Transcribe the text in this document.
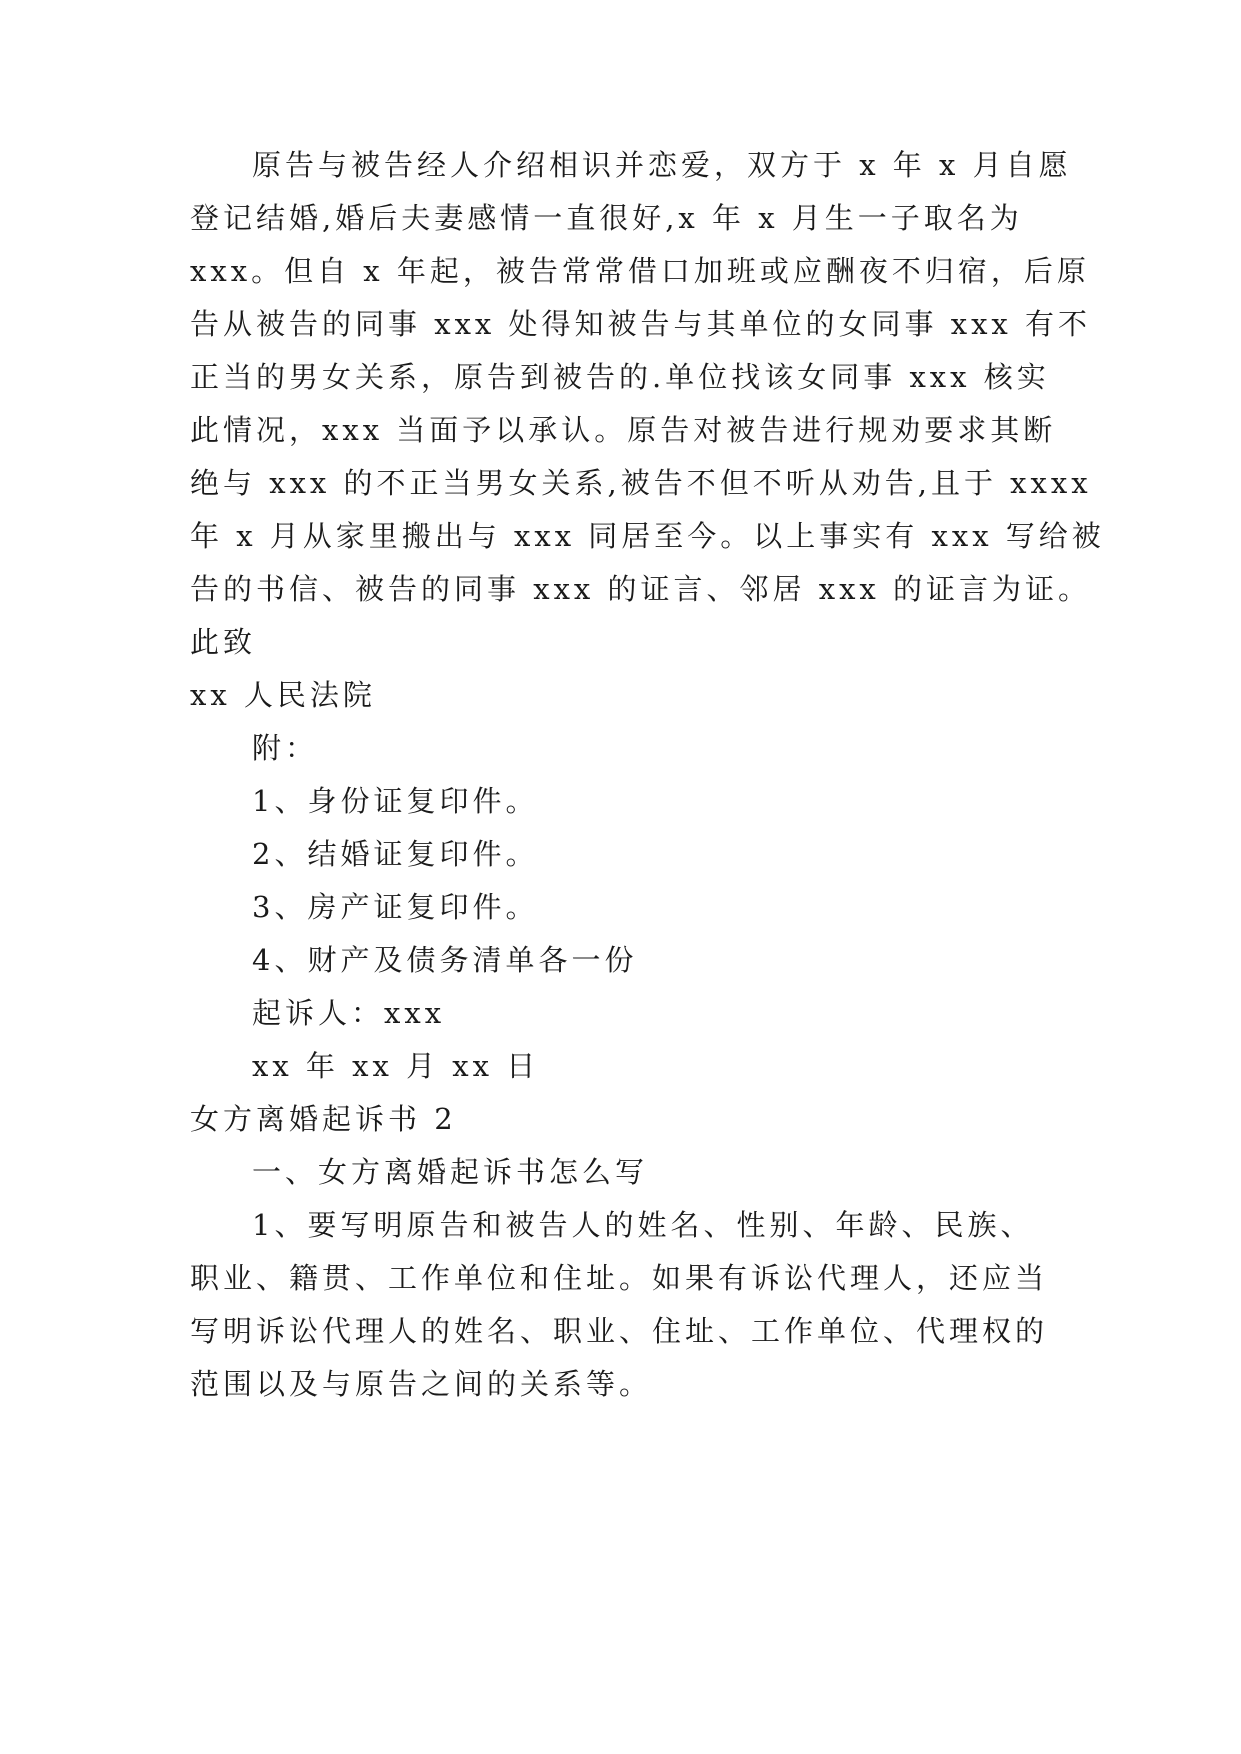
原告与被告经人介绍相识并恋爱，双方于 x 年 x 月自愿
登记结婚,婚后夫妻感情一直很好,x 年 x 月生一子取名为
xxx。但自 x 年起，被告常常借口加班或应酬夜不归宿，后原
告从被告的同事 xxx 处得知被告与其单位的女同事 xxx 有不
正当的男女关系，原告到被告的.单位找该女同事 xxx 核实
此情况，xxx 当面予以承认。原告对被告进行规劝要求其断
绝与 xxx 的不正当男女关系,被告不但不听从劝告,且于 xxxx
年 x 月从家里搬出与 xxx 同居至今。以上事实有 xxx 写给被
告的书信、被告的同事 xxx 的证言、邻居 xxx 的证言为证。
此致
xx 人民法院
附：
1、身份证复印件。
2、结婚证复印件。
3、房产证复印件。
4、财产及债务清单各一份
起诉人：xxx
xx 年 xx 月 xx 日
女方离婚起诉书 2
一、女方离婚起诉书怎么写
1、要写明原告和被告人的姓名、性别、年龄、民族、
职业、籍贯、工作单位和住址。如果有诉讼代理人，还应当
写明诉讼代理人的姓名、职业、住址、工作单位、代理权的
范围以及与原告之间的关系等。
